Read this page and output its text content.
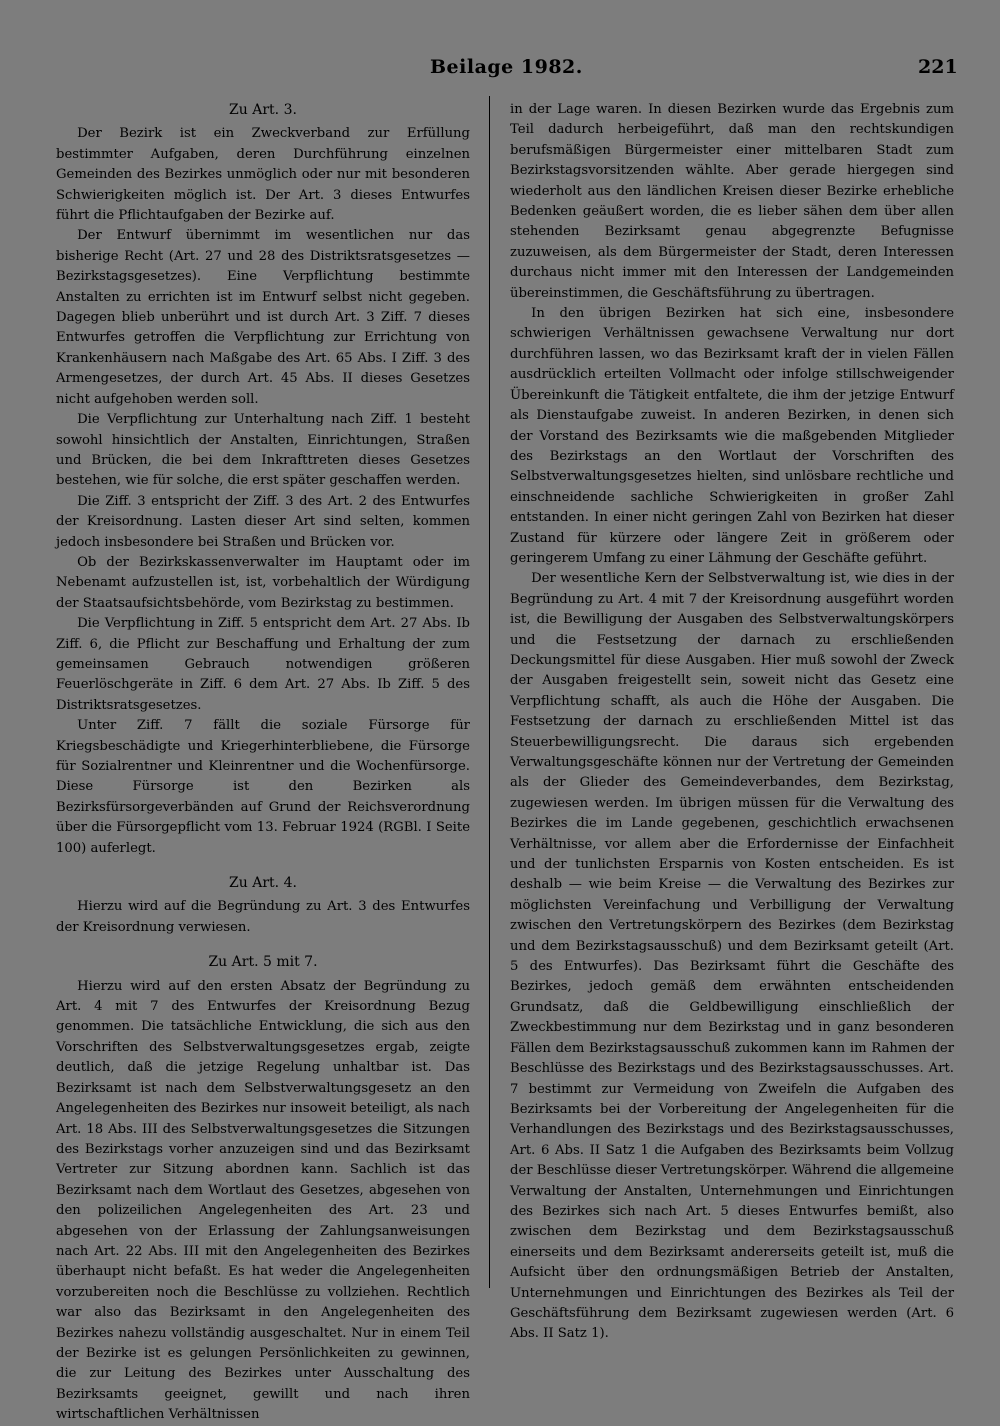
Beilage 1982.	221

Zu Art. 3.

Der Bezirk ist ein Zweckverband zur Erfüllung bestimmter Aufgaben, deren Durchführung einzelnen Gemeinden des Bezirkes unmöglich oder nur mit besonderen Schwierigkeiten möglich ist. Der Art. 3 dieses Entwurfes führt die Pflichtaufgaben der Bezirke auf.

Der Entwurf übernimmt im wesentlichen nur das bisherige Recht (Art. 27 und 28 des Distriktsratsgesetzes — Bezirkstagsgesetzes). Eine Verpflichtung bestimmte Anstalten zu errichten ist im Entwurf selbst nicht gegeben. Dagegen blieb unberührt und ist durch Art. 3 Ziff. 7 dieses Entwurfes getroffen die Verpflichtung zur Errichtung von Krankenhäusern nach Maßgabe des Art. 65 Abs. I Ziff. 3 des Armengesetzes, der durch Art. 45 Abs. II dieses Gesetzes nicht aufgehoben werden soll.

Die Verpflichtung zur Unterhaltung nach Ziff. 1 besteht sowohl hinsichtlich der Anstalten, Einrichtungen, Straßen und Brücken, die bei dem Inkrafttreten dieses Gesetzes bestehen, wie für solche, die erst später geschaffen werden.

Die Ziff. 3 entspricht der Ziff. 3 des Art. 2 des Entwurfes der Kreisordnung. Lasten dieser Art sind selten, kommen jedoch insbesondere bei Straßen und Brücken vor.

Ob der Bezirkskassenverwalter im Hauptamt oder im Nebenamt aufzustellen ist, ist, vorbehaltlich der Würdigung der Staatsaufsichtsbehörde, vom Bezirkstag zu bestimmen.

Die Verpflichtung in Ziff. 5 entspricht dem Art. 27 Abs. Ib Ziff. 6, die Pflicht zur Beschaffung und Erhaltung der zum gemeinsamen Gebrauch notwendigen größeren Feuerlöschgeräte in Ziff. 6 dem Art. 27 Abs. Ib Ziff. 5 des Distriktsratsgesetzes.

Unter Ziff. 7 fällt die soziale Fürsorge für Kriegsbeschädigte und Kriegerhinterbliebene, die Fürsorge für Sozialrentner und Kleinrentner und die Wochenfürsorge. Diese Fürsorge ist den Bezirken als Bezirksfürsorgeverbänden auf Grund der Reichsverordnung über die Fürsorgepflicht vom 13. Februar 1924 (RGBl. I Seite 100) auferlegt.

Zu Art. 4.

Hierzu wird auf die Begründung zu Art. 3 des Entwurfes der Kreisordnung verwiesen.

Zu Art. 5 mit 7.

Hierzu wird auf den ersten Absatz der Begründung zu Art. 4 mit 7 des Entwurfes der Kreisordnung Bezug genommen. Die tatsächliche Entwicklung, die sich aus den Vorschriften des Selbstverwaltungsgesetzes ergab, zeigte deutlich, daß die jetzige Regelung unhaltbar ist. Das Bezirksamt ist nach dem Selbstverwaltungsgesetz an den Angelegenheiten des Bezirkes nur insoweit beteiligt, als nach Art. 18 Abs. III des Selbstverwaltungsgesetzes die Sitzungen des Bezirkstags vorher anzuzeigen sind und das Bezirksamt Vertreter zur Sitzung abordnen kann. Sachlich ist das Bezirksamt nach dem Wortlaut des Gesetzes, abgesehen von den polizeilichen Angelegenheiten des Art. 23 und abgesehen von der Erlassung der Zahlungsanweisungen nach Art. 22 Abs. III mit den Angelegenheiten des Bezirkes überhaupt nicht befaßt. Es hat weder die Angelegenheiten vorzubereiten noch die Beschlüsse zu vollziehen. Rechtlich war also das Bezirksamt in den Angelegenheiten des Bezirkes nahezu vollständig ausgeschaltet. Nur in einem Teil der Bezirke ist es gelungen Persönlichkeiten zu gewinnen, die zur Leitung des Bezirkes unter Ausschaltung des Bezirksamts geeignet, gewillt und nach ihren wirtschaftlichen Verhältnissen

in der Lage waren. In diesen Bezirken wurde das Ergebnis zum Teil dadurch herbeigeführt, daß man den rechtskundigen berufsmäßigen Bürgermeister einer mittelbaren Stadt zum Bezirkstagsvorsitzenden wählte. Aber gerade hiergegen sind wiederholt aus den ländlichen Kreisen dieser Bezirke erhebliche Bedenken geäußert worden, die es lieber sähen dem über allen stehenden Bezirksamt genau abgegrenzte Befugnisse zuzuweisen, als dem Bürgermeister der Stadt, deren Interessen durchaus nicht immer mit den Interessen der Landgemeinden übereinstimmen, die Geschäftsführung zu übertragen.

In den übrigen Bezirken hat sich eine, insbesondere schwierigen Verhältnissen gewachsene Verwaltung nur dort durchführen lassen, wo das Bezirksamt kraft der in vielen Fällen ausdrücklich erteilten Vollmacht oder infolge stillschweigender Übereinkunft die Tätigkeit entfaltete, die ihm der jetzige Entwurf als Dienstaufgabe zuweist. In anderen Bezirken, in denen sich der Vorstand des Bezirksamts wie die maßgebenden Mitglieder des Bezirkstags an den Wortlaut der Vorschriften des Selbstverwaltungsgesetzes hielten, sind unlösbare rechtliche und einschneidende sachliche Schwierigkeiten in großer Zahl entstanden. In einer nicht geringen Zahl von Bezirken hat dieser Zustand für kürzere oder längere Zeit in größerem oder geringerem Umfang zu einer Lähmung der Geschäfte geführt.

Der wesentliche Kern der Selbstverwaltung ist, wie dies in der Begründung zu Art. 4 mit 7 der Kreisordnung ausgeführt worden ist, die Bewilligung der Ausgaben des Selbstverwaltungskörpers und die Festsetzung der darnach zu erschließenden Deckungsmittel für diese Ausgaben. Hier muß sowohl der Zweck der Ausgaben freigestellt sein, soweit nicht das Gesetz eine Verpflichtung schafft, als auch die Höhe der Ausgaben. Die Festsetzung der darnach zu erschließenden Mittel ist das Steuerbewilligungsrecht. Die daraus sich ergebenden Verwaltungsgeschäfte können nur der Vertretung der Gemeinden als der Glieder des Gemeindeverbandes, dem Bezirkstag, zugewiesen werden. Im übrigen müssen für die Verwaltung des Bezirkes die im Lande gegebenen, geschichtlich erwachsenen Verhältnisse, vor allem aber die Erfordernisse der Einfachheit und der tunlichsten Ersparnis von Kosten entscheiden. Es ist deshalb — wie beim Kreise — die Verwaltung des Bezirkes zur möglichsten Vereinfachung und Verbilligung der Verwaltung zwischen den Vertretungskörpern des Bezirkes (dem Bezirkstag und dem Bezirkstagsausschuß) und dem Bezirksamt geteilt (Art. 5 des Entwurfes). Das Bezirksamt führt die Geschäfte des Bezirkes, jedoch gemäß dem erwähnten entscheidenden Grundsatz, daß die Geldbewilligung einschließlich der Zweckbestimmung nur dem Bezirkstag und in ganz besonderen Fällen dem Bezirkstagsausschuß zukommen kann im Rahmen der Beschlüsse des Bezirkstags und des Bezirkstagsausschusses. Art. 7 bestimmt zur Vermeidung von Zweifeln die Aufgaben des Bezirksamts bei der Vorbereitung der Angelegenheiten für die Verhandlungen des Bezirkstags und des Bezirkstagsausschusses, Art. 6 Abs. II Satz 1 die Aufgaben des Bezirksamts beim Vollzug der Beschlüsse dieser Vertretungskörper. Während die allgemeine Verwaltung der Anstalten, Unternehmungen und Einrichtungen des Bezirkes sich nach Art. 5 dieses Entwurfes bemißt, also zwischen dem Bezirkstag und dem Bezirkstagsausschuß einerseits und dem Bezirksamt andererseits geteilt ist, muß die Aufsicht über den ordnungsmäßigen Betrieb der Anstalten, Unternehmungen und Einrichtungen des Bezirkes als Teil der Geschäftsführung dem Bezirksamt zugewiesen werden (Art. 6 Abs. II Satz 1).
